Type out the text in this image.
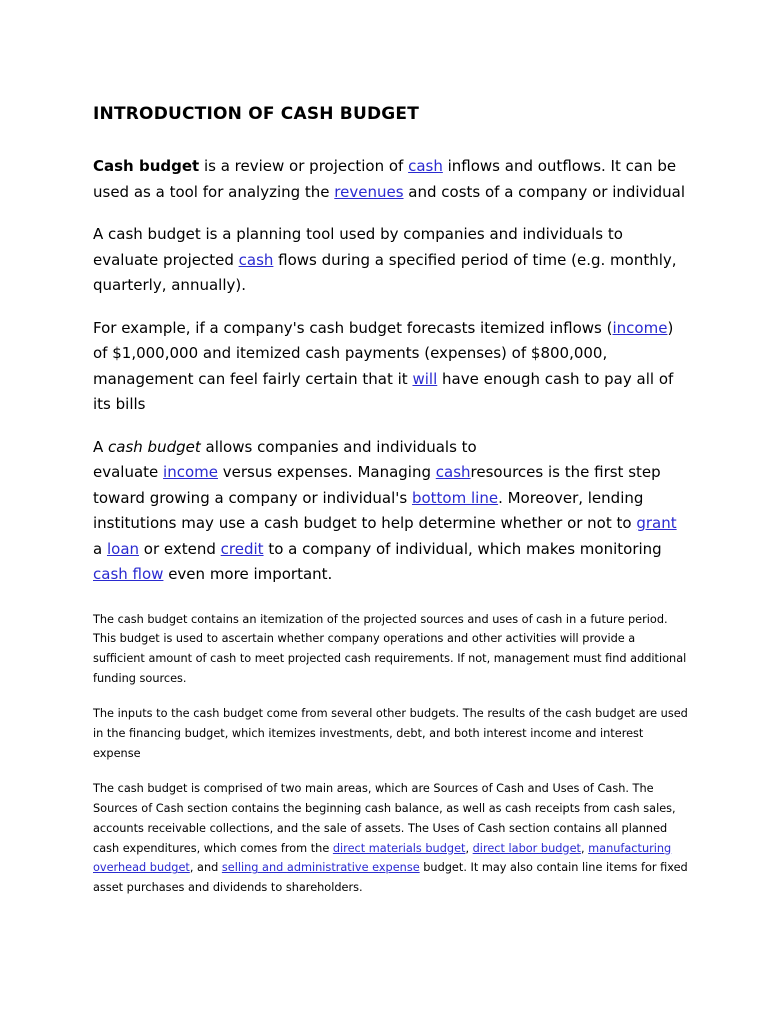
INTRODUCTION OF CASH BUDGET

Cash budget is a review or projection of cash inflows and outflows. It can be used as a tool for analyzing the revenues and costs of a company or individual

A cash budget is a planning tool used by companies and individuals to evaluate projected cash flows during a specified period of time (e.g. monthly, quarterly, annually).

For example, if a company's cash budget forecasts itemized inflows (income) of $1,000,000 and itemized cash payments (expenses) of $800,000, management can feel fairly certain that it will have enough cash to pay all of its bills

A cash budget allows companies and individuals to
evaluate income versus expenses. Managing cashresources is the first step toward growing a company or individual's bottom line. Moreover, lending institutions may use a cash budget to help determine whether or not to grant a loan or extend credit to a company of individual, which makes monitoring cash flow even more important.

The cash budget contains an itemization of the projected sources and uses of cash in a future period. This budget is used to ascertain whether company operations and other activities will provide a sufficient amount of cash to meet projected cash requirements. If not, management must find additional funding sources.

The inputs to the cash budget come from several other budgets. The results of the cash budget are used in the financing budget, which itemizes investments, debt, and both interest income and interest expense

The cash budget is comprised of two main areas, which are Sources of Cash and Uses of Cash. The Sources of Cash section contains the beginning cash balance, as well as cash receipts from cash sales, accounts receivable collections, and the sale of assets. The Uses of Cash section contains all planned cash expenditures, which comes from the direct materials budget, direct labor budget, manufacturing overhead budget, and selling and administrative expense budget. It may also contain line items for fixed asset purchases and dividends to shareholders.
